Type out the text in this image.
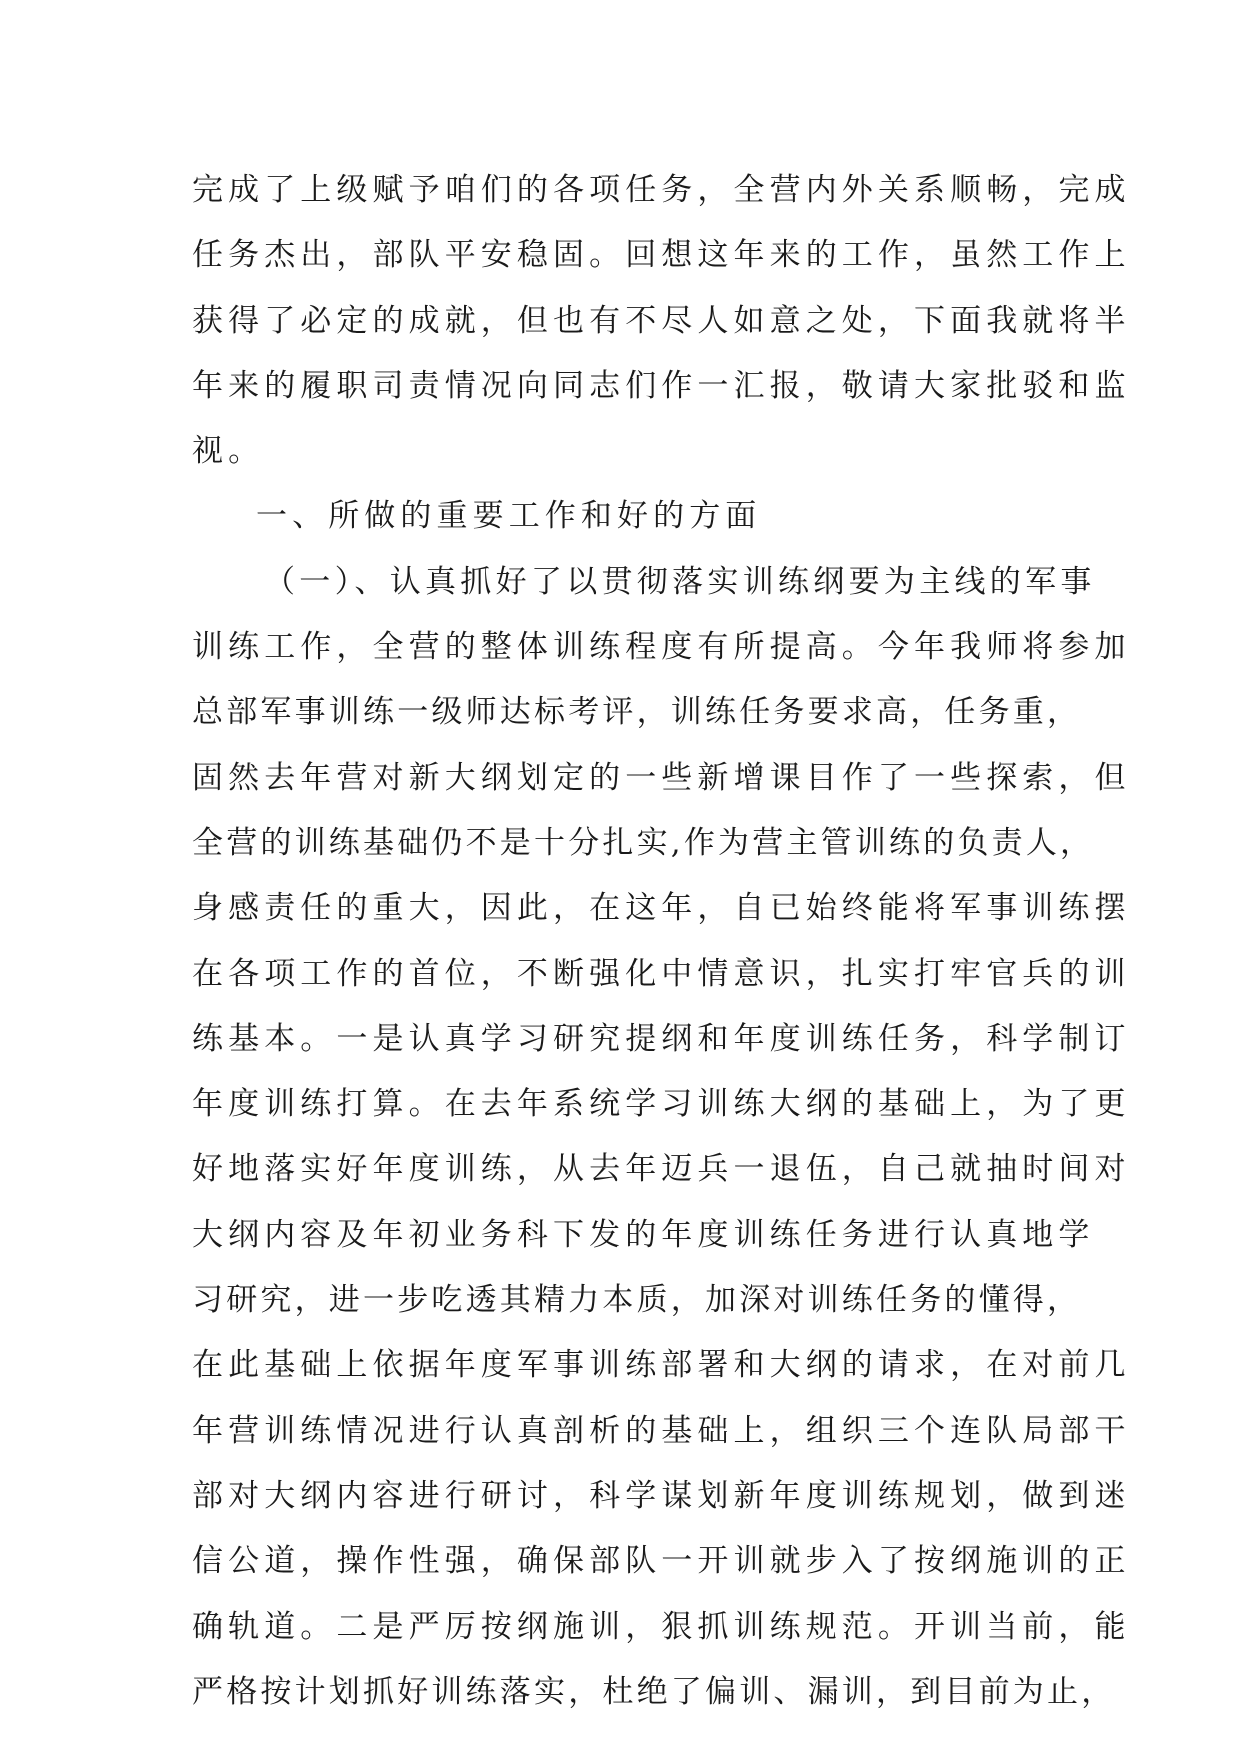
完成了上级赋予咱们的各项任务，全营内外关系顺畅，完成
任务杰出，部队平安稳固。回想这年来的工作，虽然工作上
获得了必定的成就，但也有不尽人如意之处，下面我就将半
年来的履职司责情况向同志们作一汇报，敬请大家批驳和监
视。
一、所做的重要工作和好的方面
（一）、认真抓好了以贯彻落实训练纲要为主线的军事
训练工作，全营的整体训练程度有所提高。今年我师将参加
总部军事训练一级师达标考评，训练任务要求高，任务重，
固然去年营对新大纲划定的一些新增课目作了一些探索，但
全营的训练基础仍不是十分扎实,作为营主管训练的负责人，
身感责任的重大，因此，在这年，自已始终能将军事训练摆
在各项工作的首位，不断强化中情意识，扎实打牢官兵的训
练基本。一是认真学习研究提纲和年度训练任务，科学制订
年度训练打算。在去年系统学习训练大纲的基础上，为了更
好地落实好年度训练，从去年迈兵一退伍，自己就抽时间对
大纲内容及年初业务科下发的年度训练任务进行认真地学
习研究，进一步吃透其精力本质，加深对训练任务的懂得，
在此基础上依据年度军事训练部署和大纲的请求，在对前几
年营训练情况进行认真剖析的基础上，组织三个连队局部干
部对大纲内容进行研讨，科学谋划新年度训练规划，做到迷
信公道，操作性强，确保部队一开训就步入了按纲施训的正
确轨道。二是严厉按纲施训，狠抓训练规范。开训当前，能
严格按计划抓好训练落实，杜绝了偏训、漏训，到目前为止，
